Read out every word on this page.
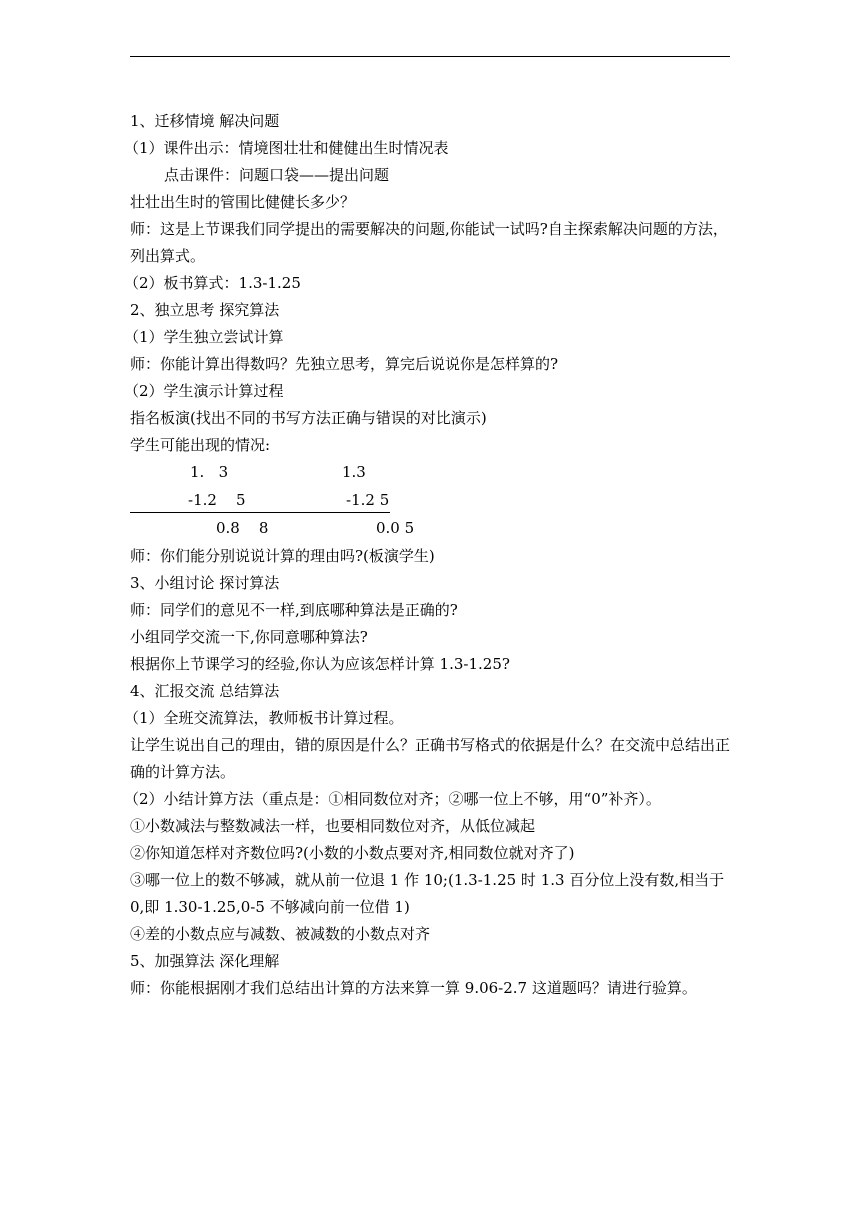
1、迁移情境 解决问题
（1）课件出示：情境图壮壮和健健出生时情况表
点击课件：问题口袋——提出问题
壮壮出生时的管围比健健长多少？
师：这是上节课我们同学提出的需要解决的问题,你能试一试吗?自主探索解决问题的方法，列出算式。
（2）板书算式：1.3-1.25
2、独立思考 探究算法
（1）学生独立尝试计算
师：你能计算出得数吗？先独立思考，算完后说说你是怎样算的?
（2）学生演示计算过程
指名板演(找出不同的书写方法正确与错误的对比演示)
学生可能出现的情况:
1.   3
-1.2    5
0.8    8
1.3
-1.2 5
0.0 5
师：你们能分别说说计算的理由吗?(板演学生)
3、小组讨论 探讨算法
师：同学们的意见不一样,到底哪种算法是正确的?
小组同学交流一下,你同意哪种算法?
根据你上节课学习的经验,你认为应该怎样计算 1.3-1.25?
4、汇报交流 总结算法
（1）全班交流算法，教师板书计算过程。
让学生说出自己的理由，错的原因是什么？正确书写格式的依据是什么？在交流中总结出正确的计算方法。
（2）小结计算方法（重点是：①相同数位对齐；②哪一位上不够，用“0”补齐）。
①小数减法与整数减法一样，也要相同数位对齐，从低位减起
②你知道怎样对齐数位吗?(小数的小数点要对齐,相同数位就对齐了)
③哪一位上的数不够减，就从前一位退 1 作 10;(1.3-1.25 时 1.3 百分位上没有数,相当于 0,即 1.30-1.25,0-5 不够减向前一位借 1)
④差的小数点应与减数、被减数的小数点对齐
5、加强算法 深化理解
师：你能根据刚才我们总结出计算的方法来算一算 9.06-2.7 这道题吗？请进行验算。
